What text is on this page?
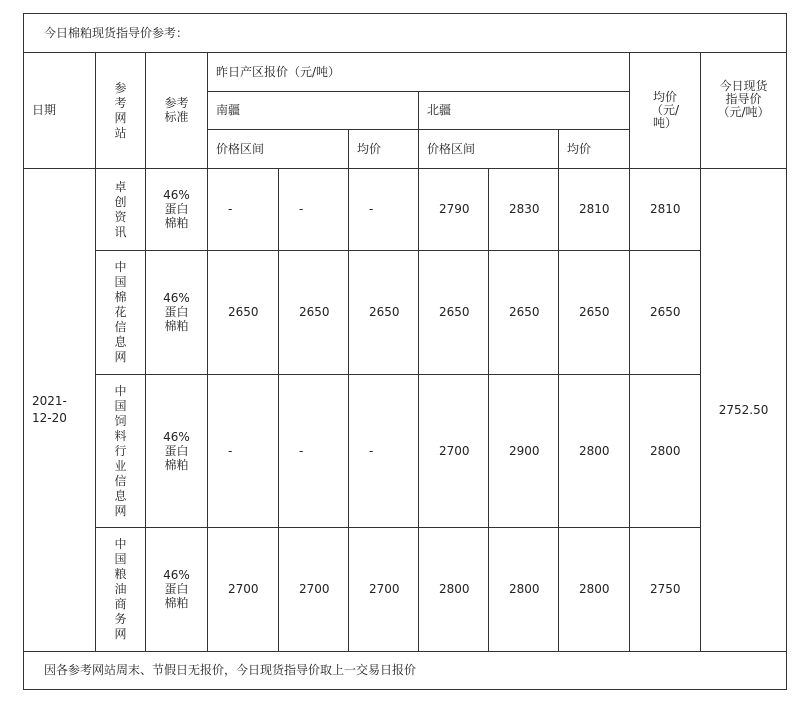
今日棉粕现货指导价参考：										
日期	参考网站	参考标准	昨日产区报价（元/吨）						均价（元/吨）	今日现货指导价（元/吨）
			南疆			北疆				
			价格区间		均价	价格区间		均价		
2021-12-20	卓创资讯	46%蛋白棉粕	-	-	-	2790	2830	2810	2810	2752.50
	中国棉花信息网	46%蛋白棉粕	2650	2650	2650	2650	2650	2650	2650	
	中国饲料行业信息网	46%蛋白棉粕	-	-	-	2700	2900	2800	2800	
	中国粮油商务网	46%蛋白棉粕	2700	2700	2700	2800	2800	2800	2750	
因各参考网站周末、节假日无报价，今日现货指导价取上一交易日报价										
